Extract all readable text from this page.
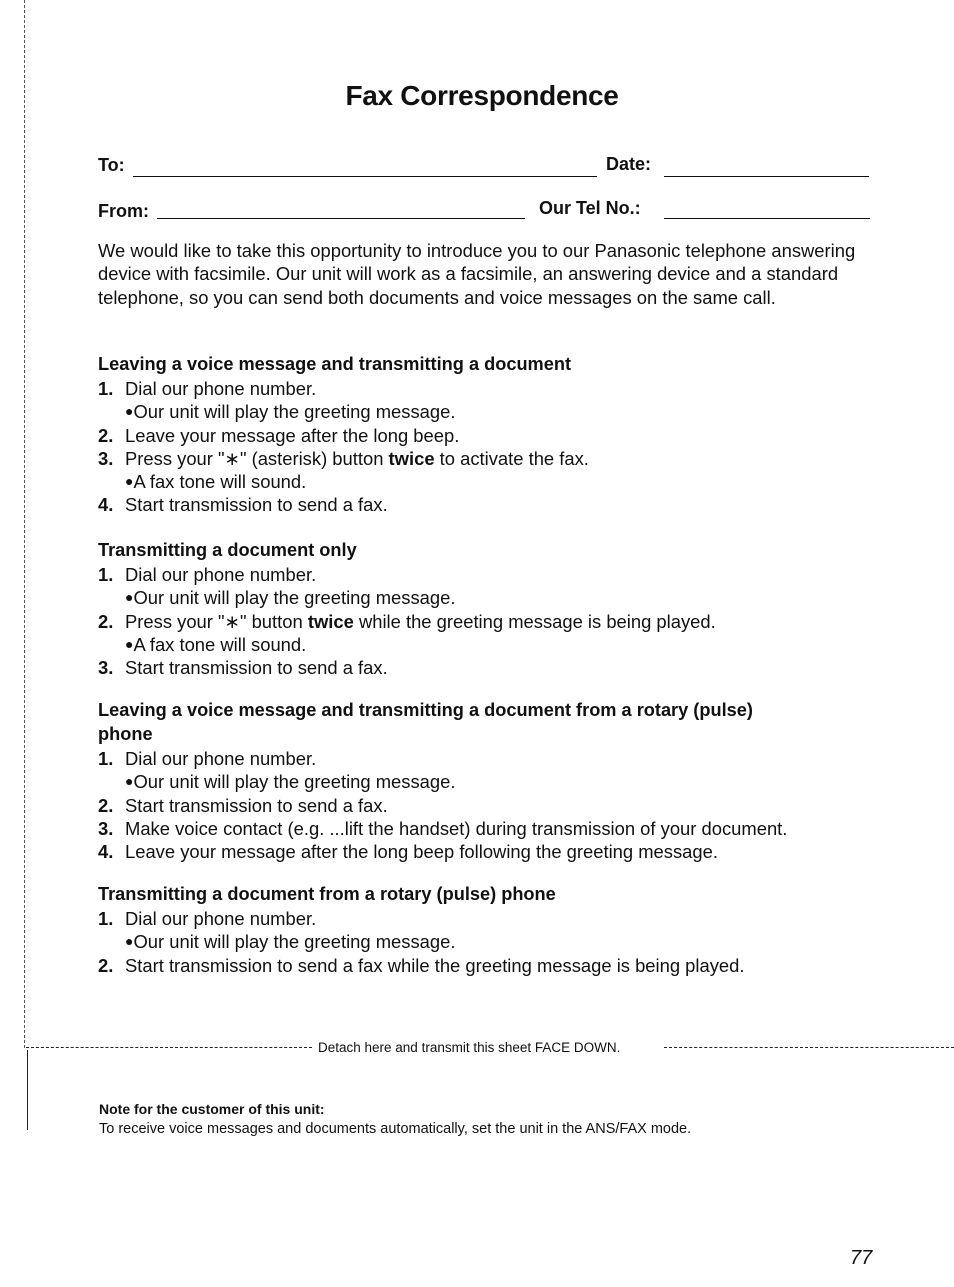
Fax Correspondence
To:	Date:
From:	Our Tel No.:
We would like to take this opportunity to introduce you to our Panasonic telephone answering device with facsimile. Our unit will work as a facsimile, an answering device and a standard telephone, so you can send both documents and voice messages on the same call.
Leaving a voice message and transmitting a document
1. Dial our phone number.
●Our unit will play the greeting message.
2. Leave your message after the long beep.
3. Press your "∗" (asterisk) button twice to activate the fax.
●A fax tone will sound.
4. Start transmission to send a fax.
Transmitting a document only
1. Dial our phone number.
●Our unit will play the greeting message.
2. Press your "∗" button twice while the greeting message is being played.
●A fax tone will sound.
3. Start transmission to send a fax.
Leaving a voice message and transmitting a document from a rotary (pulse)
phone
1. Dial our phone number.
●Our unit will play the greeting message.
2. Start transmission to send a fax.
3. Make voice contact (e.g. ...lift the handset) during transmission of your document.
4. Leave your message after the long beep following the greeting message.
Transmitting a document from a rotary (pulse) phone
1. Dial our phone number.
●Our unit will play the greeting message.
2. Start transmission to send a fax while the greeting message is being played.
Detach here and transmit this sheet FACE DOWN.
Note for the customer of this unit:
To receive voice messages and documents automatically, set the unit in the ANS/FAX mode.
77
